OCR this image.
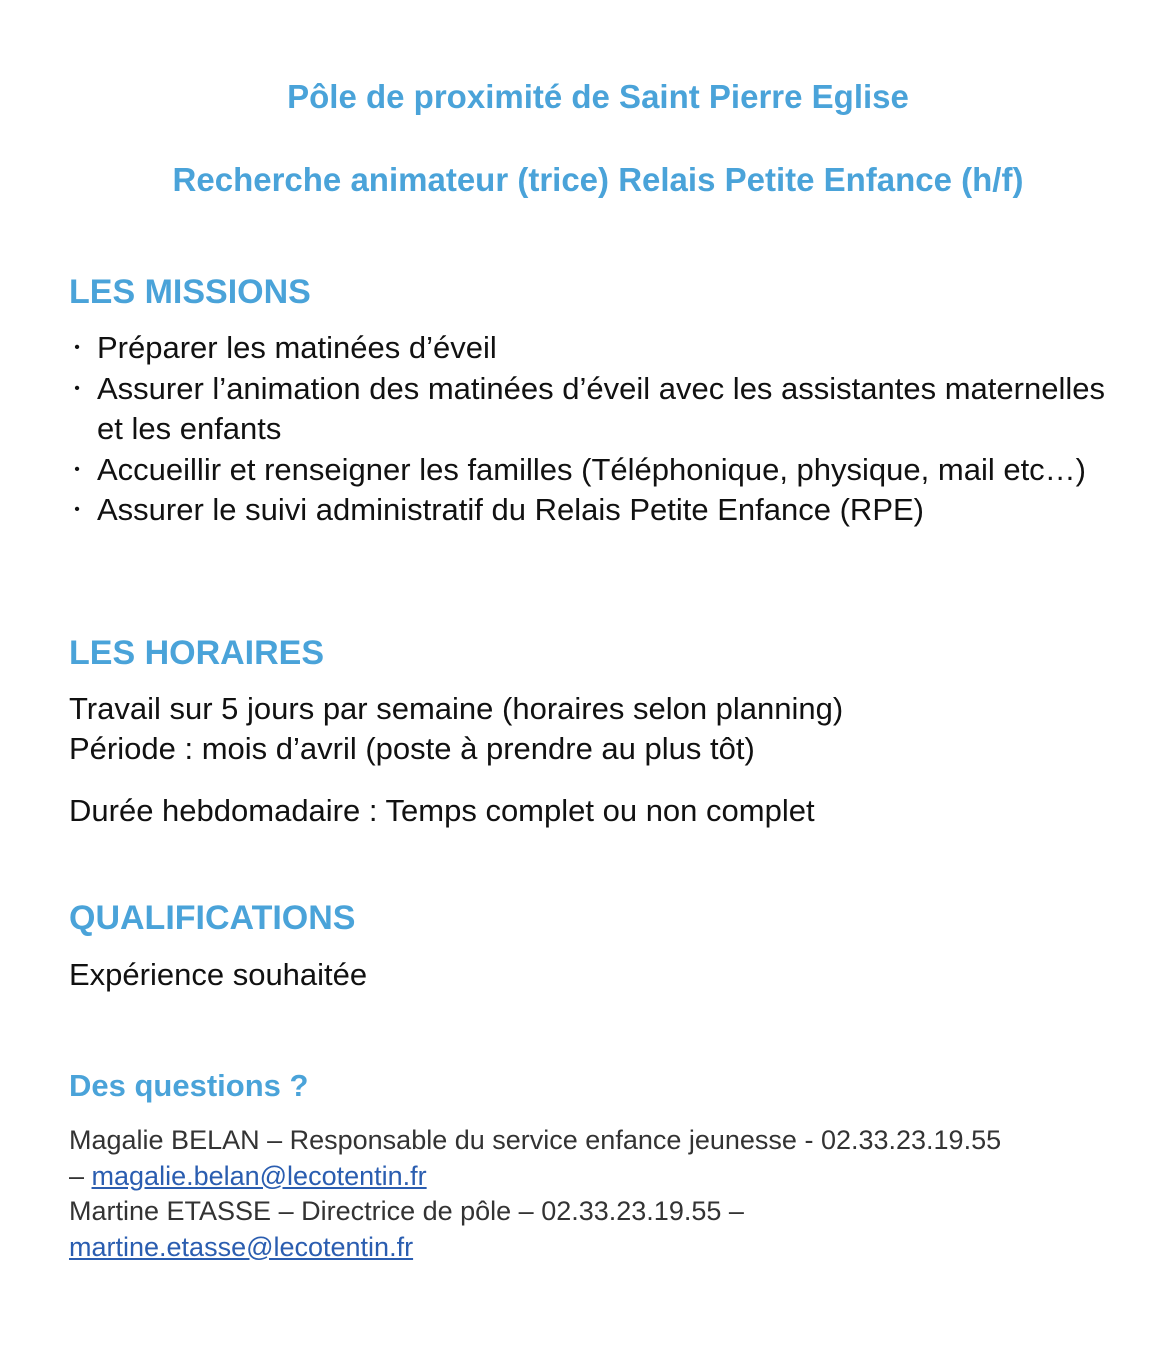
Pôle de proximité de Saint Pierre Eglise
Recherche animateur (trice) Relais Petite Enfance (h/f)
LES MISSIONS
• Préparer les matinées d’éveil
• Assurer l’animation des matinées d’éveil avec les assistantes maternelles et les enfants
• Accueillir et renseigner les familles (Téléphonique, physique, mail etc…)
• Assurer le suivi administratif du Relais Petite Enfance (RPE)
LES HORAIRES
Travail sur 5 jours par semaine (horaires selon planning)
Période : mois d’avril (poste à prendre au plus tôt)
Durée hebdomadaire : Temps complet ou non complet
QUALIFICATIONS
Expérience souhaitée
Des questions ?
Magalie BELAN – Responsable du service enfance jeunesse - 02.33.23.19.55
– magalie.belan@lecotentin.fr
Martine ETASSE – Directrice de pôle – 02.33.23.19.55 –
martine.etasse@lecotentin.fr
